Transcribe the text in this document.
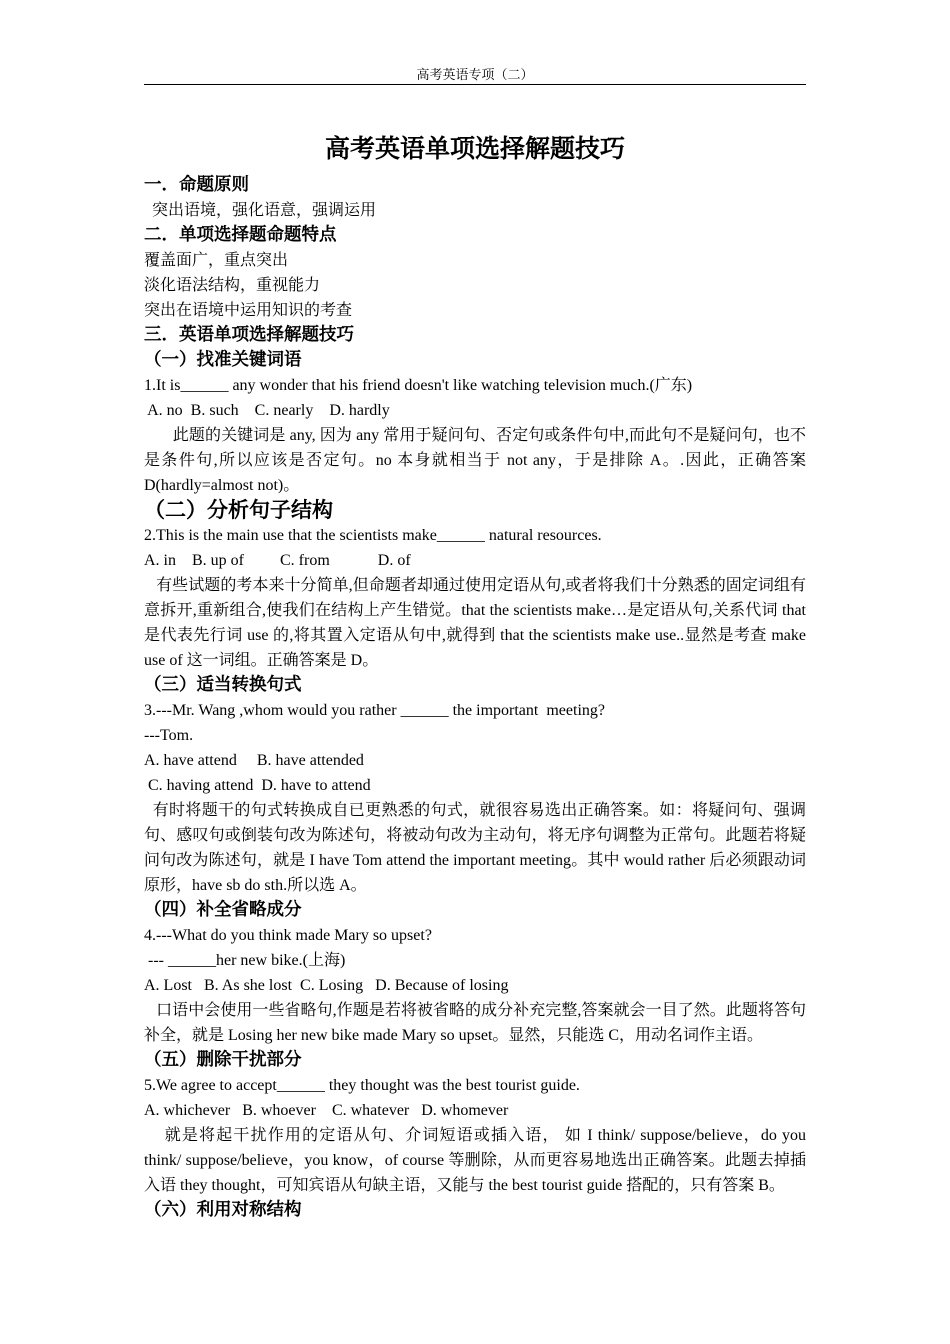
高考英语专项（二）
高考英语单项选择解题技巧
一．命题原则
突出语境，强化语意，强调运用
二．单项选择题命题特点
覆盖面广，重点突出
淡化语法结构，重视能力
突出在语境中运用知识的考查
三．英语单项选择解题技巧
（一）找准关键词语
1.It is______ any wonder that his friend doesn't like watching television much.(广东)
A. no  B. such    C. nearly    D. hardly
此题的关键词是 any, 因为 any 常用于疑问句、否定句或条件句中,而此句不是疑问句，也不是条件句,所以应该是否定句。no 本身就相当于 not any，于是排除 A。.因此，正确答案 D(hardly=almost not)。
（二）分析句子结构
2.This is the main use that the scientists make______ natural resources.
A. in    B. up of         C. from            D. of
有些试题的考本来十分简单,但命题者却通过使用定语从句,或者将我们十分熟悉的固定词组有意拆开,重新组合,使我们在结构上产生错觉。that the scientists make…是定语从句,关系代词 that 是代表先行词 use 的,将其置入定语从句中,就得到 that the scientists make use..显然是考查 make use of 这一词组。正确答案是 D。
（三）适当转换句式
3.---Mr. Wang ,whom would you rather ______ the important  meeting?
---Tom.
A. have attend     B. have attended
C. having attend  D. have to attend
有时将题干的句式转换成自已更熟悉的句式，就很容易选出正确答案。如：将疑问句、强调句、感叹句或倒装句改为陈述句，将被动句改为主动句，将无序句调整为正常句。此题若将疑问句改为陈述句，就是 I have Tom attend the important meeting。其中 would rather 后必须跟动词原形，have sb do sth.所以选 A。
（四）补全省略成分
4.---What do you think made Mary so upset?
--- ______her new bike.(上海)
A. Lost   B. As she lost  C. Losing   D. Because of losing
口语中会使用一些省略句,作题是若将被省略的成分补充完整,答案就会一目了然。此题将答句补全，就是 Losing her new bike made Mary so upset。显然，只能选 C，用动名词作主语。
（五）删除干扰部分
5.We agree to accept______ they thought was the best tourist guide.
A. whichever   B. whoever    C. whatever   D. whomever
就是将起干扰作用的定语从句、介词短语或插入语， 如 I think/ suppose/believe，do you think/ suppose/believe，you know，of course 等删除，从而更容易地选出正确答案。此题去掉插入语 they thought，可知宾语从句缺主语，又能与 the best tourist guide 搭配的，只有答案 B。
（六）利用对称结构
